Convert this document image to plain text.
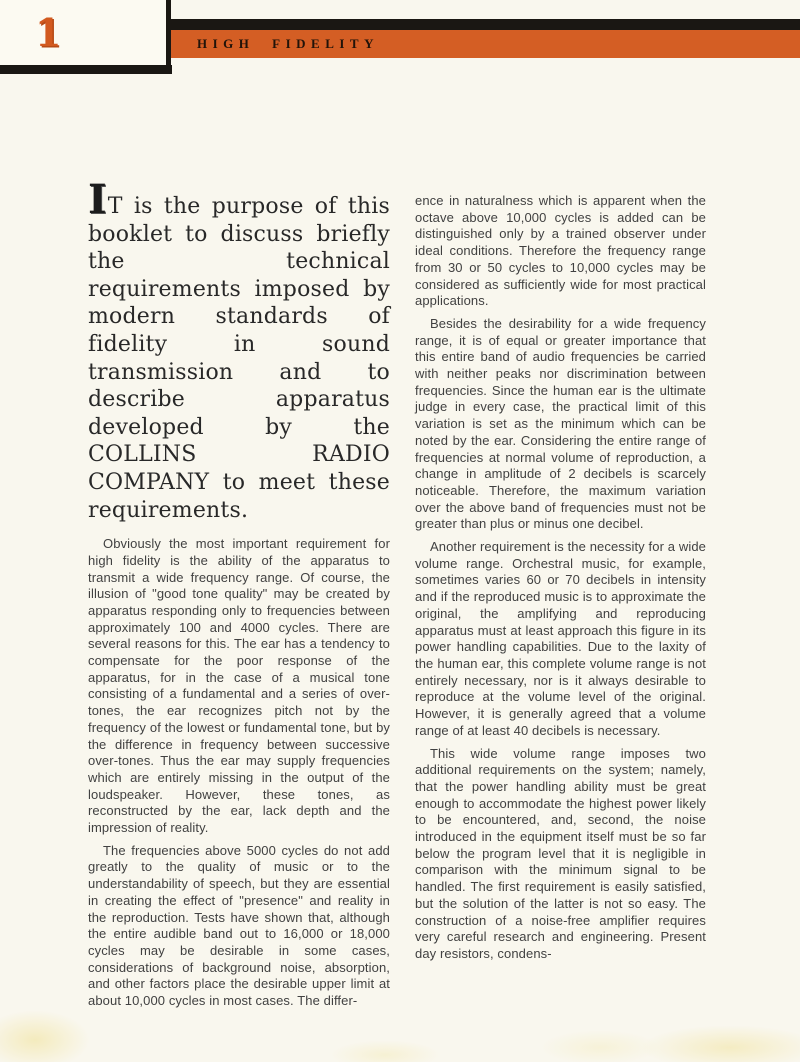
1	HIGH FIDELITY

IT is the purpose of this booklet to discuss briefly the technical requirements imposed by modern standards of fidelity in sound transmission and to describe apparatus developed by the COLLINS RADIO COMPANY to meet these requirements.

Obviously the most important requirement for high fidelity is the ability of the apparatus to transmit a wide frequency range. Of course, the illusion of "good tone quality" may be created by apparatus responding only to frequencies between approximately 100 and 4000 cycles. There are several reasons for this. The ear has a tendency to compensate for the poor response of the apparatus, for in the case of a musical tone consisting of a fundamental and a series of over-tones, the ear recognizes pitch not by the frequency of the lowest or fundamental tone, but by the difference in frequency between successive over-tones. Thus the ear may supply frequencies which are entirely missing in the output of the loudspeaker. However, these tones, as reconstructed by the ear, lack depth and the impression of reality.

The frequencies above 5000 cycles do not add greatly to the quality of music or to the understandability of speech, but they are essential in creating the effect of "presence" and reality in the reproduction. Tests have shown that, although the entire audible band out to 16,000 or 18,000 cycles may be desirable in some cases, considerations of background noise, absorption, and other factors place the desirable upper limit at about 10,000 cycles in most cases. The differ-

ence in naturalness which is apparent when the octave above 10,000 cycles is added can be distinguished only by a trained observer under ideal conditions. Therefore the frequency range from 30 or 50 cycles to 10,000 cycles may be considered as sufficiently wide for most practical applications.

Besides the desirability for a wide frequency range, it is of equal or greater importance that this entire band of audio frequencies be carried with neither peaks nor discrimination between frequencies. Since the human ear is the ultimate judge in every case, the practical limit of this variation is set as the minimum which can be noted by the ear. Considering the entire range of frequencies at normal volume of reproduction, a change in amplitude of 2 decibels is scarcely noticeable. Therefore, the maximum variation over the above band of frequencies must not be greater than plus or minus one decibel.

Another requirement is the necessity for a wide volume range. Orchestral music, for example, sometimes varies 60 or 70 decibels in intensity and if the reproduced music is to approximate the original, the amplifying and reproducing apparatus must at least approach this figure in its power handling capabilities. Due to the laxity of the human ear, this complete volume range is not entirely necessary, nor is it always desirable to reproduce at the volume level of the original. However, it is generally agreed that a volume range of at least 40 decibels is necessary.

This wide volume range imposes two additional requirements on the system; namely, that the power handling ability must be great enough to accommodate the highest power likely to be encountered, and, second, the noise introduced in the equipment itself must be so far below the program level that it is negligible in comparison with the minimum signal to be handled. The first requirement is easily satisfied, but the solution of the latter is not so easy. The construction of a noise-free amplifier requires very careful research and engineering. Present day resistors, condens-
